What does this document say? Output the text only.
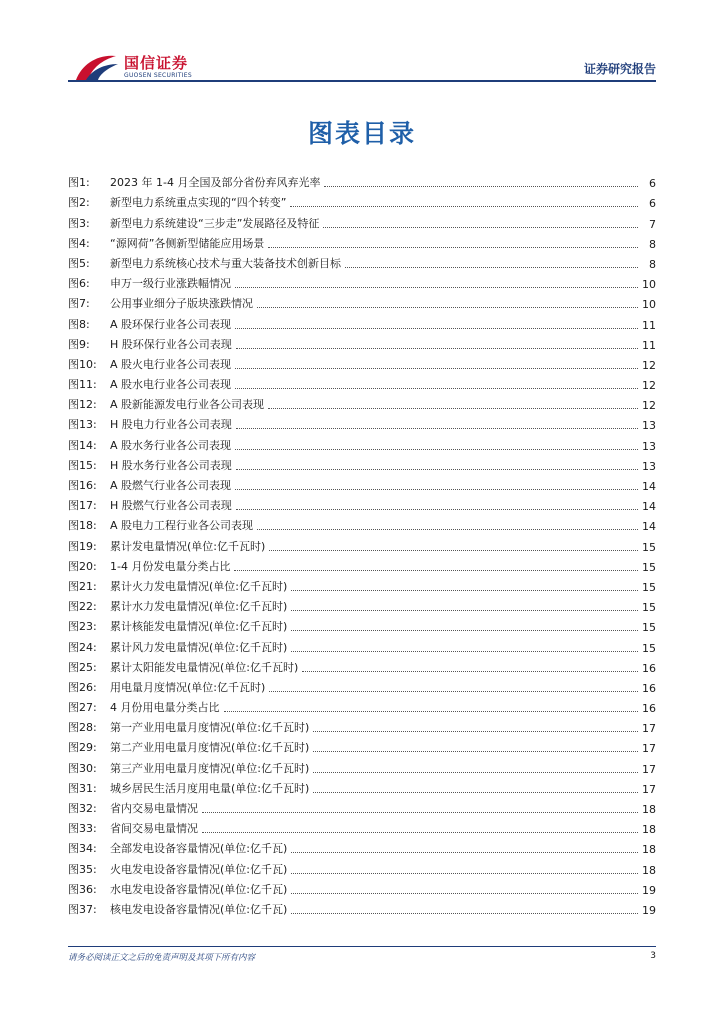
国信证券
GUOSEN SECURITIES	证券研究报告
图表目录
图1:	2023 年 1-4 月全国及部分省份弃风弃光率	6
图2:	新型电力系统重点实现的“四个转变”	6
图3:	新型电力系统建设“三步走”发展路径及特征	7
图4:	“源网荷”各侧新型储能应用场景	8
图5:	新型电力系统核心技术与重大装备技术创新目标	8
图6:	申万一级行业涨跌幅情况	10
图7:	公用事业细分子版块涨跌情况	10
图8:	A 股环保行业各公司表现	11
图9:	H 股环保行业各公司表现	11
图10:	A 股火电行业各公司表现	12
图11:	A 股水电行业各公司表现	12
图12:	A 股新能源发电行业各公司表现	12
图13:	H 股电力行业各公司表现	13
图14:	A 股水务行业各公司表现	13
图15:	H 股水务行业各公司表现	13
图16:	A 股燃气行业各公司表现	14
图17:	H 股燃气行业各公司表现	14
图18:	A 股电力工程行业各公司表现	14
图19:	累计发电量情况(单位:亿千瓦时)	15
图20:	1-4 月份发电量分类占比	15
图21:	累计火力发电量情况(单位:亿千瓦时)	15
图22:	累计水力发电量情况(单位:亿千瓦时)	15
图23:	累计核能发电量情况(单位:亿千瓦时)	15
图24:	累计风力发电量情况(单位:亿千瓦时)	15
图25:	累计太阳能发电量情况(单位:亿千瓦时)	16
图26:	用电量月度情况(单位:亿千瓦时)	16
图27:	4 月份用电量分类占比	16
图28:	第一产业用电量月度情况(单位:亿千瓦时)	17
图29:	第二产业用电量月度情况(单位:亿千瓦时)	17
图30:	第三产业用电量月度情况(单位:亿千瓦时)	17
图31:	城乡居民生活月度用电量(单位:亿千瓦时)	17
图32:	省内交易电量情况	18
图33:	省间交易电量情况	18
图34:	全部发电设备容量情况(单位:亿千瓦)	18
图35:	火电发电设备容量情况(单位:亿千瓦)	18
图36:	水电发电设备容量情况(单位:亿千瓦)	19
图37:	核电发电设备容量情况(单位:亿千瓦)	19
请务必阅读正文之后的免责声明及其项下所有内容	3
